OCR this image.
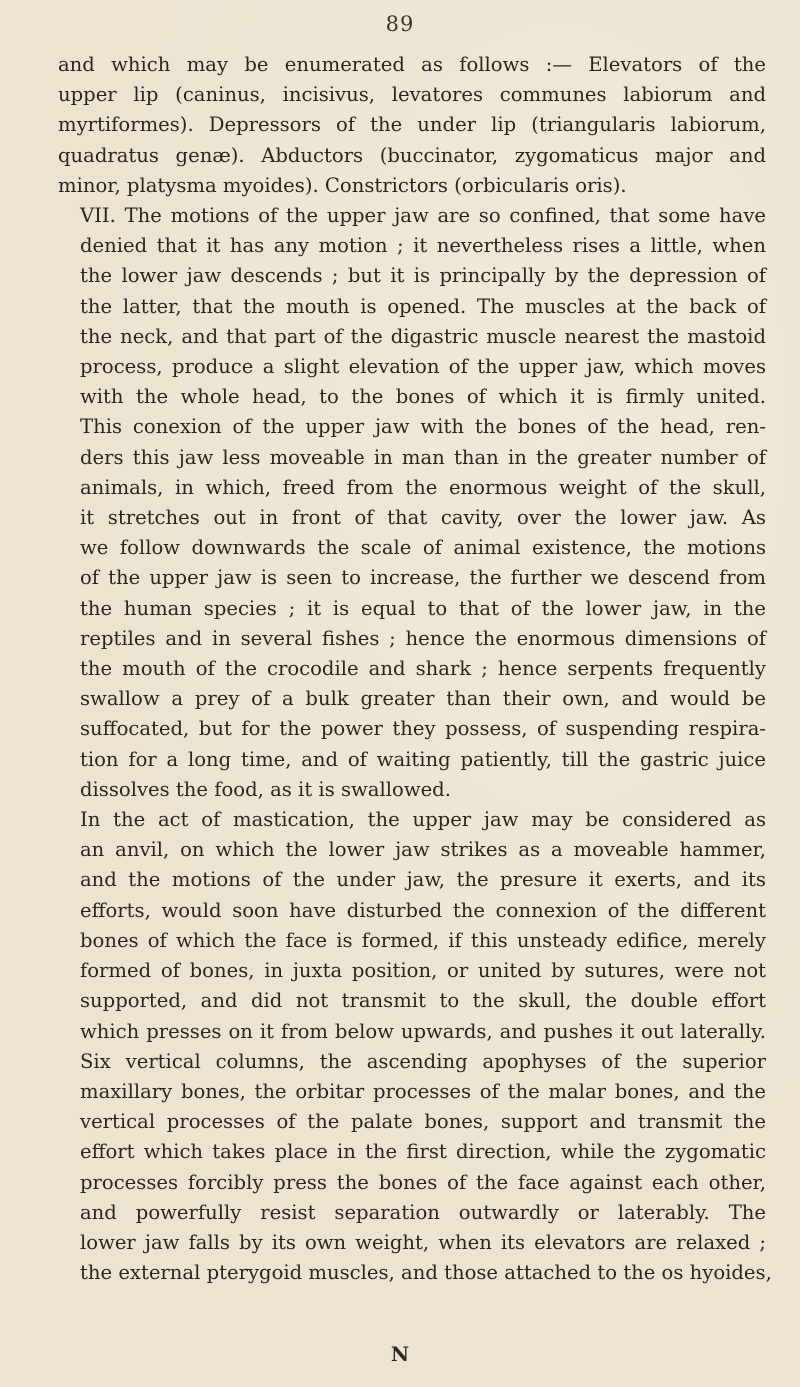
89

and which may be enumerated as follows :— Elevators of the
upper lip (caninus, incisivus, levatores communes labiorum and
myrtiformes). Depressors of the under lip (triangularis labiorum,
quadratus genæ). Abductors (buccinator, zygomaticus major and
minor, platysma myoides). Constrictors (orbicularis oris).

VII. The motions of the upper jaw are so confined, that some have
denied that it has any motion ; it nevertheless rises a little, when
the lower jaw descends ; but it is principally by the depression of
the latter, that the mouth is opened. The muscles at the back of
the neck, and that part of the digastric muscle nearest the mastoid
process, produce a slight elevation of the upper jaw, which moves
with the whole head, to the bones of which it is firmly united.
This conexion of the upper jaw with the bones of the head, ren-
ders this jaw less moveable in man than in the greater number of
animals, in which, freed from the enormous weight of the skull,
it stretches out in front of that cavity, over the lower jaw. As
we follow downwards the scale of animal existence, the motions
of the upper jaw is seen to increase, the further we descend from
the human species ; it is equal to that of the lower jaw, in the
reptiles and in several fishes ; hence the enormous dimensions of
the mouth of the crocodile and shark ; hence serpents frequently
swallow a prey of a bulk greater than their own, and would be
suffocated, but for the power they possess, of suspending respira-
tion for a long time, and of waiting patiently, till the gastric juice
dissolves the food, as it is swallowed.

In the act of mastication, the upper jaw may be considered as
an anvil, on which the lower jaw strikes as a moveable hammer,
and the motions of the under jaw, the presure it exerts, and its
efforts, would soon have disturbed the connexion of the different
bones of which the face is formed, if this unsteady edifice, merely
formed of bones, in juxta position, or united by sutures, were not
supported, and did not transmit to the skull, the double effort
which presses on it from below upwards, and pushes it out laterally.
Six vertical columns, the ascending apophyses of the superior
maxillary bones, the orbitar processes of the malar bones, and the
vertical processes of the palate bones, support and transmit the
effort which takes place in the first direction, while the zygomatic
processes forcibly press the bones of the face against each other,
and powerfully resist separation outwardly or laterably. The
lower jaw falls by its own weight, when its elevators are relaxed ;
the external pterygoid muscles, and those attached to the os hyoides,

N
